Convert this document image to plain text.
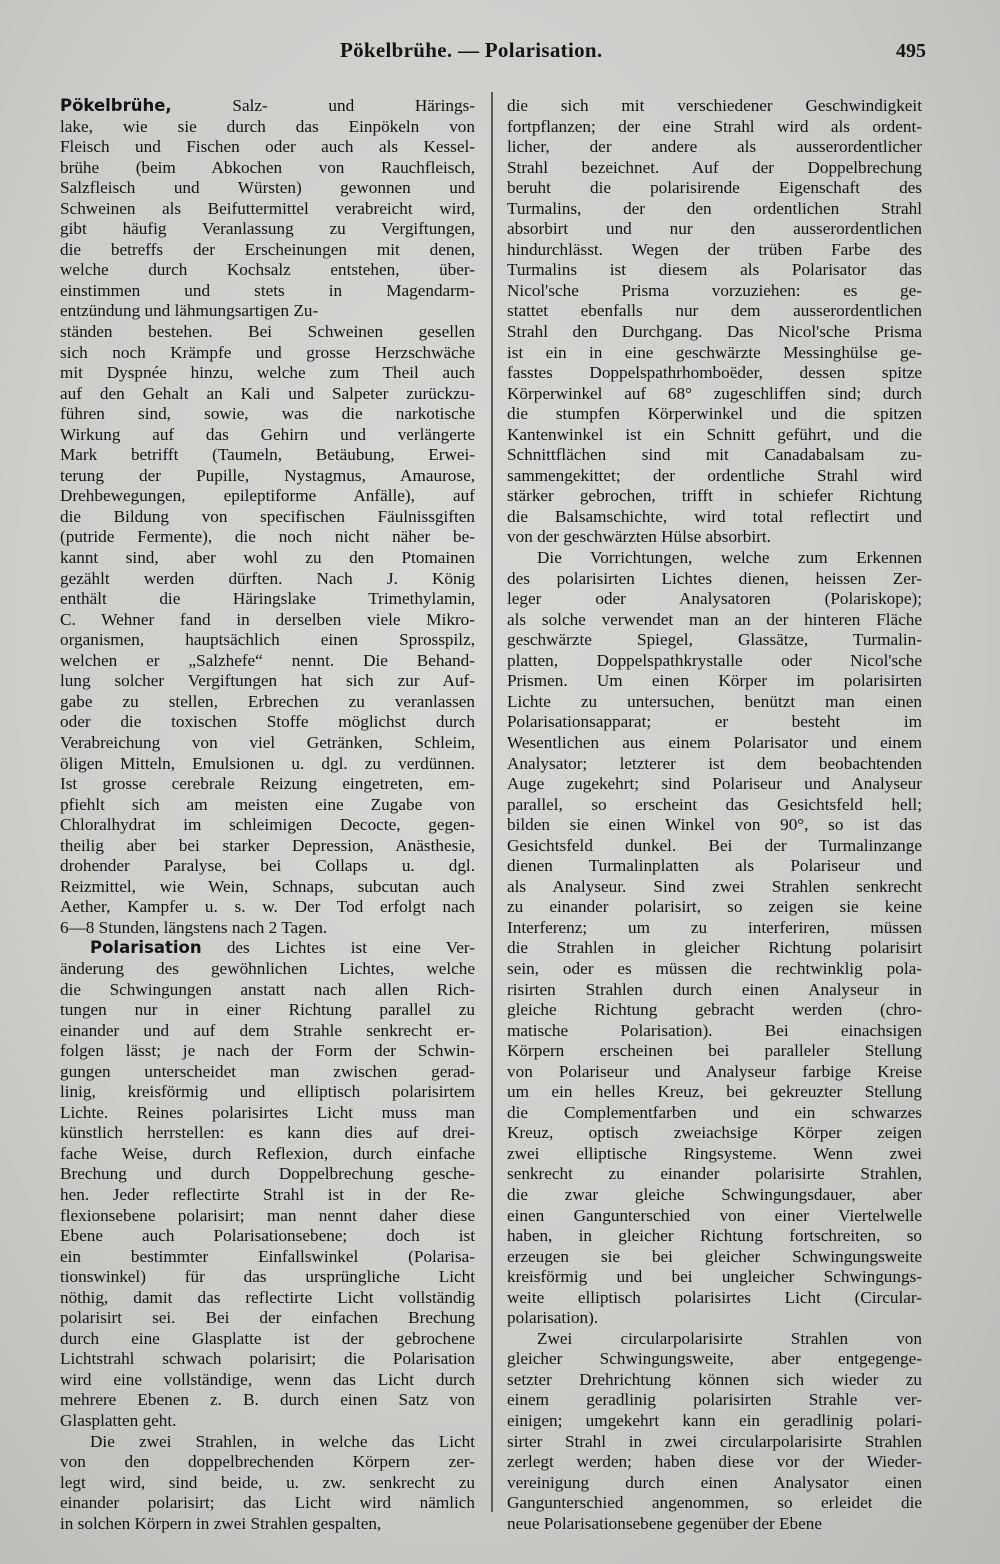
Pökelbrühe. — Polarisation.	495
Pökelbrühe, Salz- und Härings-
lake, wie sie durch das Einpökeln von
Fleisch und Fischen oder auch als Kessel-
brühe (beim Abkochen von Rauchfleisch,
Salzfleisch und Würsten) gewonnen und
Schweinen als Beifuttermittel verabreicht wird,
gibt häufig Veranlassung zu Vergiftungen,
die betreffs der Erscheinungen mit denen,
welche durch Kochsalz entstehen, über-
einstimmen und stets in Magendarm-
entzündung und lähmungsartigen Zu-
ständen bestehen. Bei Schweinen gesellen
sich noch Krämpfe und grosse Herzschwäche
mit Dyspnée hinzu, welche zum Theil auch
auf den Gehalt an Kali und Salpeter zurückzu-
führen sind, sowie, was die narkotische
Wirkung auf das Gehirn und verlängerte
Mark betrifft (Taumeln, Betäubung, Erwei-
terung der Pupille, Nystagmus, Amaurose,
Drehbewegungen, epileptiforme Anfälle), auf
die Bildung von specifischen Fäulnissgiften
(putride Fermente), die noch nicht näher be-
kannt sind, aber wohl zu den Ptomainen
gezählt werden dürften. Nach J. König
enthält die Häringslake Trimethylamin,
C. Wehner fand in derselben viele Mikro-
organismen, hauptsächlich einen Sprosspilz,
welchen er „Salzhefe“ nennt. Die Behand-
lung solcher Vergiftungen hat sich zur Auf-
gabe zu stellen, Erbrechen zu veranlassen
oder die toxischen Stoffe möglichst durch
Verabreichung von viel Getränken, Schleim,
öligen Mitteln, Emulsionen u. dgl. zu verdünnen.
Ist grosse cerebrale Reizung eingetreten, em-
pfiehlt sich am meisten eine Zugabe von
Chloralhydrat im schleimigen Decocte, gegen-
theilig aber bei starker Depression, Anästhesie,
drohender Paralyse, bei Collaps u. dgl.
Reizmittel, wie Wein, Schnaps, subcutan auch
Aether, Kampfer u. s. w. Der Tod erfolgt nach
6—8 Stunden, längstens nach 2 Tagen.
Polarisation des Lichtes ist eine Ver-
änderung des gewöhnlichen Lichtes, welche
die Schwingungen anstatt nach allen Rich-
tungen nur in einer Richtung parallel zu
einander und auf dem Strahle senkrecht er-
folgen lässt; je nach der Form der Schwin-
gungen unterscheidet man zwischen gerad-
linig, kreisförmig und elliptisch polarisirtem
Lichte. Reines polarisirtes Licht muss man
künstlich herrstellen: es kann dies auf drei-
fache Weise, durch Reflexion, durch einfache
Brechung und durch Doppelbrechung gesche-
hen. Jeder reflectirte Strahl ist in der Re-
flexionsebene polarisirt; man nennt daher diese
Ebene auch Polarisationsebene; doch ist
ein bestimmter Einfallswinkel (Polarisa-
tionswinkel) für das ursprüngliche Licht
nöthig, damit das reflectirte Licht vollständig
polarisirt sei. Bei der einfachen Brechung
durch eine Glasplatte ist der gebrochene
Lichtstrahl schwach polarisirt; die Polarisation
wird eine vollständige, wenn das Licht durch
mehrere Ebenen z. B. durch einen Satz von
Glasplatten geht.
Die zwei Strahlen, in welche das Licht
von den doppelbrechenden Körpern zer-
legt wird, sind beide, u. zw. senkrecht zu
einander polarisirt; das Licht wird nämlich
in solchen Körpern in zwei Strahlen gespalten,
die sich mit verschiedener Geschwindigkeit
fortpflanzen; der eine Strahl wird als ordent-
licher, der andere als ausserordentlicher
Strahl bezeichnet. Auf der Doppelbrechung
beruht die polarisirende Eigenschaft des
Turmalins, der den ordentlichen Strahl
absorbirt und nur den ausserordentlichen
hindurchlässt. Wegen der trüben Farbe des
Turmalins ist diesem als Polarisator das
Nicol'sche Prisma vorzuziehen: es ge-
stattet ebenfalls nur dem ausserordentlichen
Strahl den Durchgang. Das Nicol'sche Prisma
ist ein in eine geschwärzte Messinghülse ge-
fasstes Doppelspathrhomboëder, dessen spitze
Körperwinkel auf 68° zugeschliffen sind; durch
die stumpfen Körperwinkel und die spitzen
Kantenwinkel ist ein Schnitt geführt, und die
Schnittflächen sind mit Canadabalsam zu-
sammengekittet; der ordentliche Strahl wird
stärker gebrochen, trifft in schiefer Richtung
die Balsamschichte, wird total reflectirt und
von der geschwärzten Hülse absorbirt.
Die Vorrichtungen, welche zum Erkennen
des polarisirten Lichtes dienen, heissen Zer-
leger oder Analysatoren (Polariskope);
als solche verwendet man an der hinteren Fläche
geschwärzte Spiegel, Glassätze, Turmalin-
platten, Doppelspathkrystalle oder Nicol'sche
Prismen. Um einen Körper im polarisirten
Lichte zu untersuchen, benützt man einen
Polarisationsapparat; er besteht im
Wesentlichen aus einem Polarisator und einem
Analysator; letzterer ist dem beobachtenden
Auge zugekehrt; sind Polariseur und Analyseur
parallel, so erscheint das Gesichtsfeld hell;
bilden sie einen Winkel von 90°, so ist das
Gesichtsfeld dunkel. Bei der Turmalinzange
dienen Turmalinplatten als Polariseur und
als Analyseur. Sind zwei Strahlen senkrecht
zu einander polarisirt, so zeigen sie keine
Interferenz; um zu interferiren, müssen
die Strahlen in gleicher Richtung polarisirt
sein, oder es müssen die rechtwinklig pola-
risirten Strahlen durch einen Analyseur in
gleiche Richtung gebracht werden (chro-
matische Polarisation). Bei einachsigen
Körpern erscheinen bei paralleler Stellung
von Polariseur und Analyseur farbige Kreise
um ein helles Kreuz, bei gekreuzter Stellung
die Complementfarben und ein schwarzes
Kreuz, optisch zweiachsige Körper zeigen
zwei elliptische Ringsysteme. Wenn zwei
senkrecht zu einander polarisirte Strahlen,
die zwar gleiche Schwingungsdauer, aber
einen Gangunterschied von einer Viertelwelle
haben, in gleicher Richtung fortschreiten, so
erzeugen sie bei gleicher Schwingungsweite
kreisförmig und bei ungleicher Schwingungs-
weite elliptisch polarisirtes Licht (Circular-
polarisation).
Zwei circularpolarisirte Strahlen von
gleicher Schwingungsweite, aber entgegenge-
setzter Drehrichtung können sich wieder zu
einem geradlinig polarisirten Strahle ver-
einigen; umgekehrt kann ein geradlinig polari-
sirter Strahl in zwei circularpolarisirte Strahlen
zerlegt werden; haben diese vor der Wieder-
vereinigung durch einen Analysator einen
Gangunterschied angenommen, so erleidet die
neue Polarisationsebene gegenüber der Ebene
